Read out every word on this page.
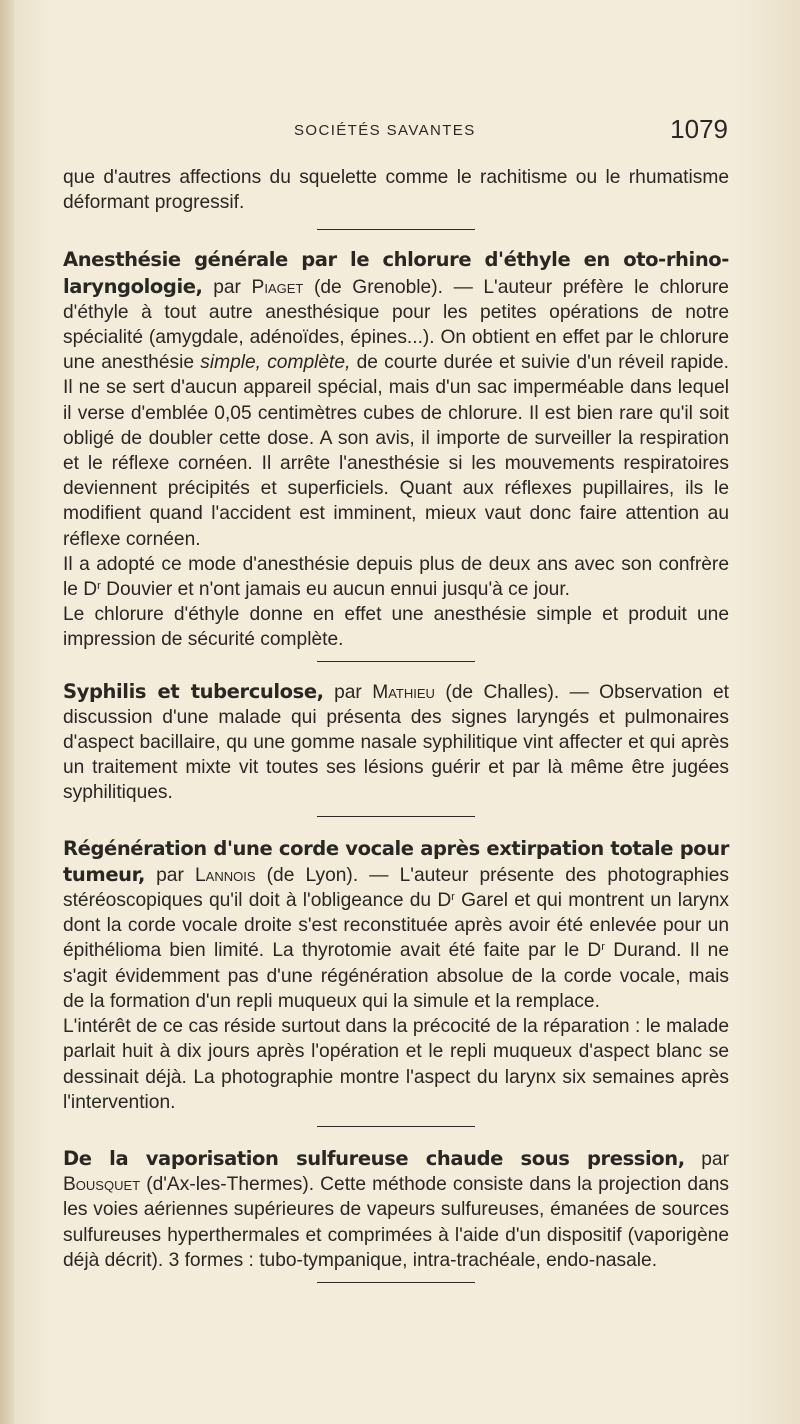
SOCIÉTÉS SAVANTES	1079

que d'autres affections du squelette comme le rachitisme ou le rhumatisme déformant progressif.

Anesthésie générale par le chlorure d'éthyle en oto-rhino-laryngologie, par Piaget (de Grenoble). — L'auteur préfère le chlorure d'éthyle à tout autre anesthésique pour les petites opérations de notre spécialité (amygdale, adénoïdes, épines...). On obtient en effet par le chlorure une anesthésie simple, complète, de courte durée et suivie d'un réveil rapide. Il ne se sert d'aucun appareil spécial, mais d'un sac imperméable dans lequel il verse d'emblée 0,05 centimètres cubes de chlorure. Il est bien rare qu'il soit obligé de doubler cette dose. A son avis, il importe de surveiller la respiration et le réflexe cornéen. Il arrête l'anesthésie si les mouvements respiratoires deviennent précipités et superficiels. Quant aux réflexes pupillaires, ils le modifient quand l'accident est imminent, mieux vaut donc faire attention au réflexe cornéen.

Il a adopté ce mode d'anesthésie depuis plus de deux ans avec son confrère le $D^r$ Douvier et n'ont jamais eu aucun ennui jusqu'à ce jour.

Le chlorure d'éthyle donne en effet une anesthésie simple et produit une impression de sécurité complète.

Syphilis et tuberculose, par Mathieu (de Challes). — Observation et discussion d'une malade qui présenta des signes laryngés et pulmonaires d'aspect bacillaire, qu une gomme nasale syphilitique vint affecter et qui après un traitement mixte vit toutes ses lésions guérir et par là même être jugées syphilitiques.

Régénération d'une corde vocale après extirpation totale pour tumeur, par Lannois (de Lyon). — L'auteur présente des photographies stéréoscopiques qu'il doit à l'obligeance du $D^r$ Garel et qui montrent un larynx dont la corde vocale droite s'est reconstituée après avoir été enlevée pour un épithélioma bien limité. La thyrotomie avait été faite par le $D^r$ Durand. Il ne s'agit évidemment pas d'une régénération absolue de la corde vocale, mais de la formation d'un repli muqueux qui la simule et la remplace.

L'intérêt de ce cas réside surtout dans la précocité de la réparation : le malade parlait huit à dix jours après l'opération et le repli muqueux d'aspect blanc se dessinait déjà. La photographie montre l'aspect du larynx six semaines après l'intervention.

De la vaporisation sulfureuse chaude sous pression, par Bousquet (d'Ax-les-Thermes). Cette méthode consiste dans la projection dans les voies aériennes supérieures de vapeurs sulfureuses, émanées de sources sulfureuses hyperthermales et comprimées à l'aide d'un dispositif (vaporigène déjà décrit). 3 formes : tubo-tympanique, intra-trachéale, endo-nasale.
